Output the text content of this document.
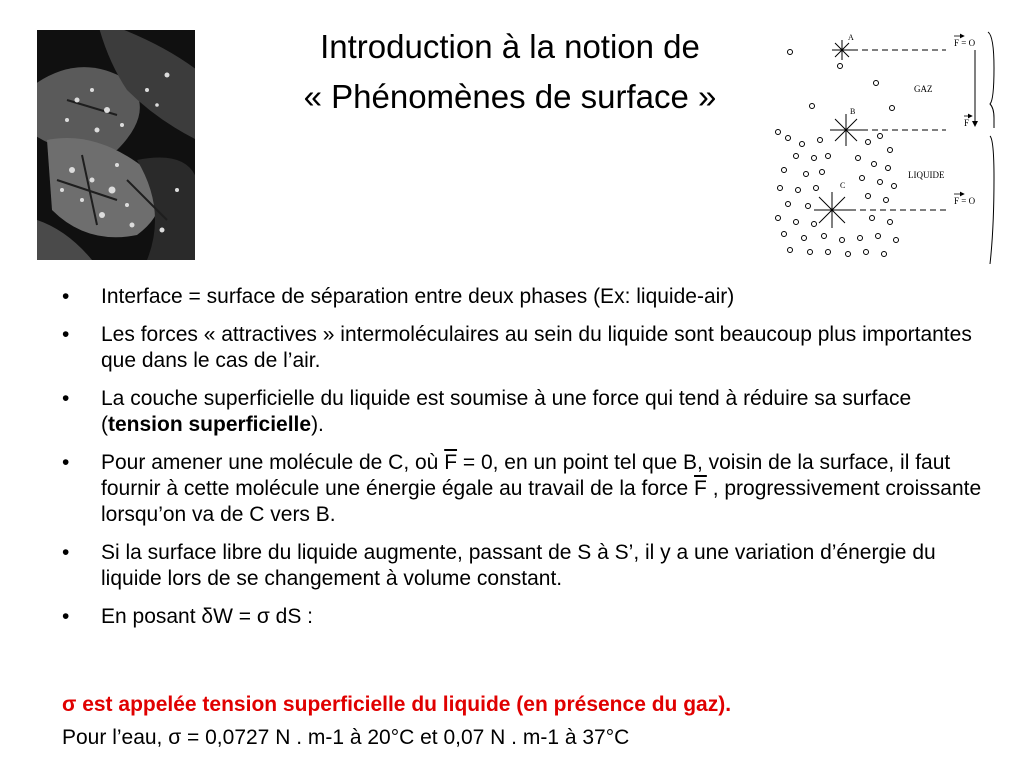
Introduction à la notion de
« Phénomènes de surface »
A
B
C
GAZ
LIQUIDE
F = O
F
F = O
•	Interface = surface de séparation entre deux phases (Ex: liquide-air)
•	Les forces « attractives » intermoléculaires au sein du liquide sont beaucoup plus importantes que dans le cas de l’air.
•	La couche superficielle du liquide est soumise à une force qui tend à réduire sa surface (tension superficielle).
•	Pour amener une molécule de C, où $\overline{F} = 0$, en un point tel que B, voisin de la surface, il faut fournir à cette molécule une énergie égale au travail de la force $\overline{F}$ , progressivement croissante lorsqu’on va de C vers B.
•	Si la surface libre du liquide augmente, passant de S à S’, il y a une variation d’énergie du liquide lors de se changement à volume constant.
•	En posant δW = σ dS :
σ est appelée tension superficielle du liquide (en présence du gaz).
Pour l’eau, σ = 0,0727 N . m-1 à 20°C et 0,07 N . m-1 à 37°C
